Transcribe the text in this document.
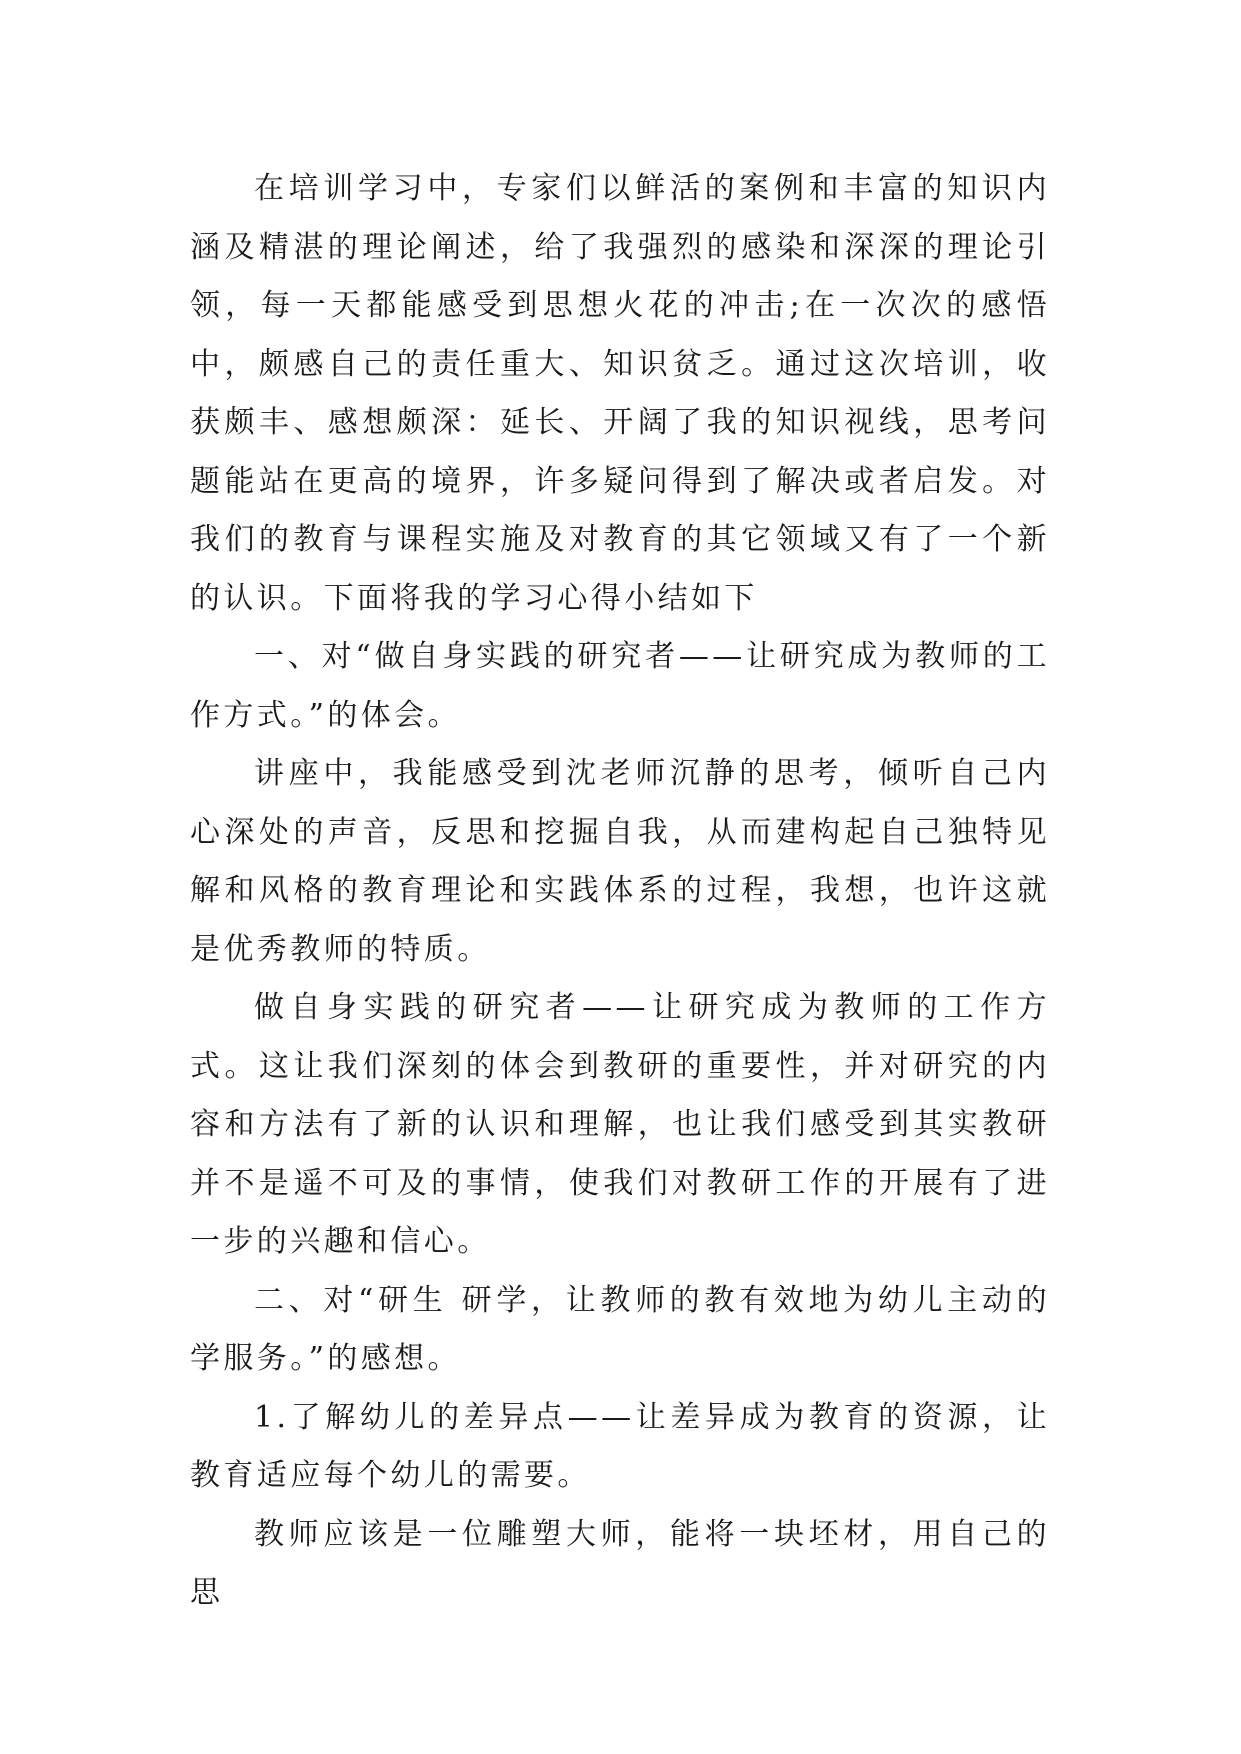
在培训学习中，专家们以鲜活的案例和丰富的知识内涵及精湛的理论阐述，给了我强烈的感染和深深的理论引领，每一天都能感受到思想火花的冲击;在一次次的感悟中，颇感自己的责任重大、知识贫乏。通过这次培训，收获颇丰、感想颇深：延长、开阔了我的知识视线，思考问题能站在更高的境界，许多疑问得到了解决或者启发。对我们的教育与课程实施及对教育的其它领域又有了一个新的认识。下面将我的学习心得小结如下

一、对“做自身实践的研究者——让研究成为教师的工作方式。”的体会。

讲座中，我能感受到沈老师沉静的思考，倾听自己内心深处的声音，反思和挖掘自我，从而建构起自己独特见解和风格的教育理论和实践体系的过程，我想，也许这就是优秀教师的特质。

做自身实践的研究者——让研究成为教师的工作方式。这让我们深刻的体会到教研的重要性，并对研究的内容和方法有了新的认识和理解，也让我们感受到其实教研并不是遥不可及的事情，使我们对教研工作的开展有了进一步的兴趣和信心。

二、对“研生 研学，让教师的教有效地为幼儿主动的学服务。”的感想。

1.了解幼儿的差异点——让差异成为教育的资源，让教育适应每个幼儿的需要。

教师应该是一位雕塑大师，能将一块坯材，用自己的思
